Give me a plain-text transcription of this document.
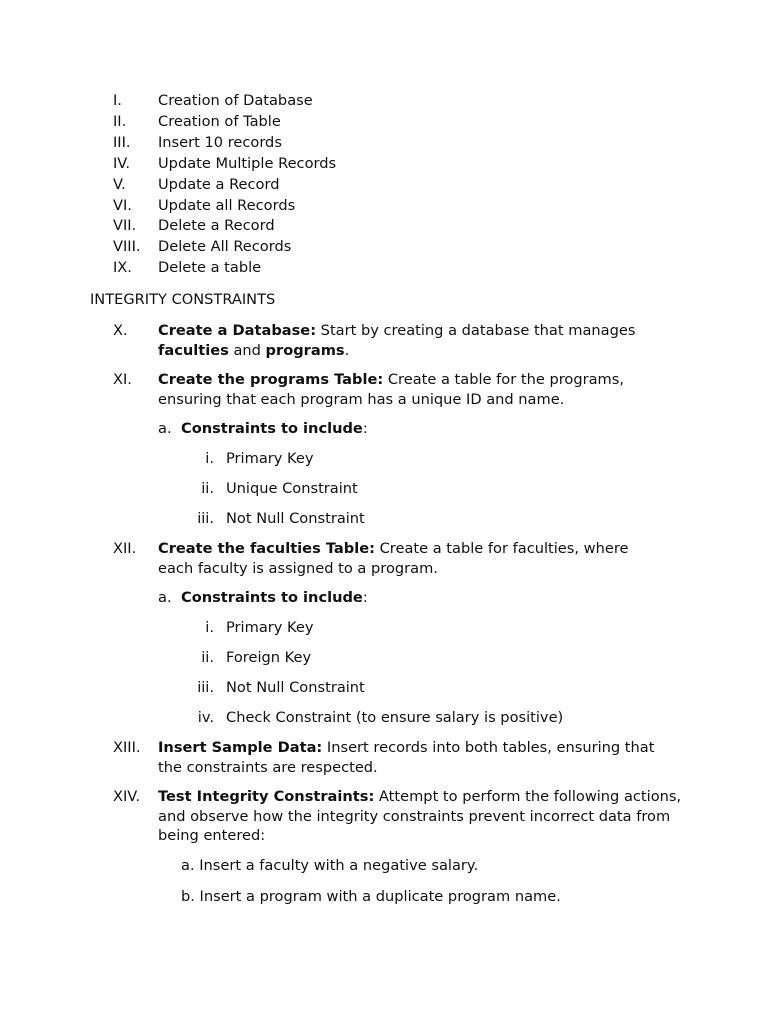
I. Creation of Database
II. Creation of Table
III. Insert 10 records
IV. Update Multiple Records
V. Update a Record
VI. Update all Records
VII. Delete a Record
VIII. Delete All Records
IX. Delete a table
INTEGRITY CONSTRAINTS
X. Create a Database: Start by creating a database that manages
faculties and programs.
XI. Create the programs Table: Create a table for the programs, ensuring that each program has a unique ID and name.
a. Constraints to include:
i. Primary Key
ii. Unique Constraint
iii. Not Null Constraint
XII. Create the faculties Table: Create a table for faculties, where each faculty is assigned to a program.
a. Constraints to include:
i. Primary Key
ii. Foreign Key
iii. Not Null Constraint
iv. Check Constraint (to ensure salary is positive)
XIII. Insert Sample Data: Insert records into both tables, ensuring that the constraints are respected.
XIV. Test Integrity Constraints: Attempt to perform the following actions, and observe how the integrity constraints prevent incorrect data from being entered:
a. Insert a faculty with a negative salary.
b. Insert a program with a duplicate program name.
